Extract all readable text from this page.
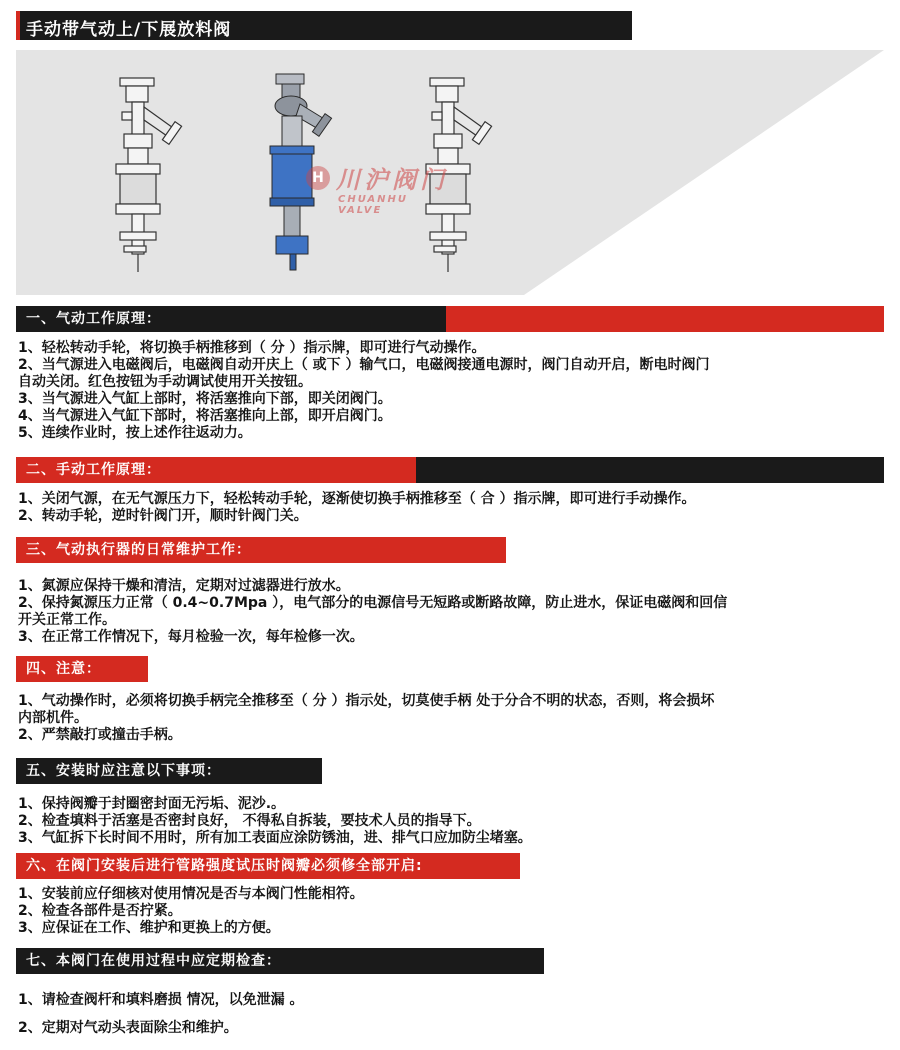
手动带气动上/下展放料阀
H 川沪阀门
CHUANHU VALVE
一、气动工作原理：
1、轻松转动手轮，将切换手柄推移到（ 分 ）指示牌，即可进行气动操作。
2、当气源进入电磁阀后，电磁阀自动开庆上（ 或下 ）输气口，电磁阀接通电源时，阀门自动开启，断电时阀门
自动关闭。红色按钮为手动调试使用开关按钮。
3、当气源进入气缸上部时，将活塞推向下部，即关闭阀门。
4、当气源进入气缸下部时，将活塞推向上部，即开启阀门。
5、连续作业时，按上述作往返动力。
二、手动工作原理：
1、关闭气源，在无气源压力下，轻松转动手轮，逐渐使切换手柄推移至（ 合 ）指示牌，即可进行手动操作。
2、转动手轮，逆时针阀门开，顺时针阀门关。
三、气动执行器的日常维护工作：
1、氮源应保持干燥和清洁，定期对过滤器进行放水。
2、保持氮源压力正常（ 0.4~0.7Mpa ），电气部分的电源信号无短路或断路故障，防止进水，保证电磁阀和回信
开关正常工作。
3、在正常工作情况下，每月检验一次，每年检修一次。
四、注意：
1、气动操作时，必须将切换手柄完全推移至（ 分 ）指示处，切莫使手柄 处于分合不明的状态，否则，将会损坏
内部机件。
2、严禁敲打或撞击手柄。
五、安装时应注意以下事项：
1、保持阀瓣于封圈密封面无污垢、泥沙.。
2、检查填料于活塞是否密封良好， 不得私自拆装，要技术人员的指导下。
3、气缸拆下长时间不用时，所有加工表面应涂防锈油，进、排气口应加防尘堵塞。
六、在阀门安装后进行管路强度试压时阀瓣必须修全部开启:
1、安装前应仔细核对使用情况是否与本阀门性能相符。
2、检查各部件是否拧紧。
3、应保证在工作、维护和更换上的方便。
七、本阀门在使用过程中应定期检查：
1、请检查阀杆和填料磨损 情况，以免泄漏 。
2、定期对气动头表面除尘和维护。
